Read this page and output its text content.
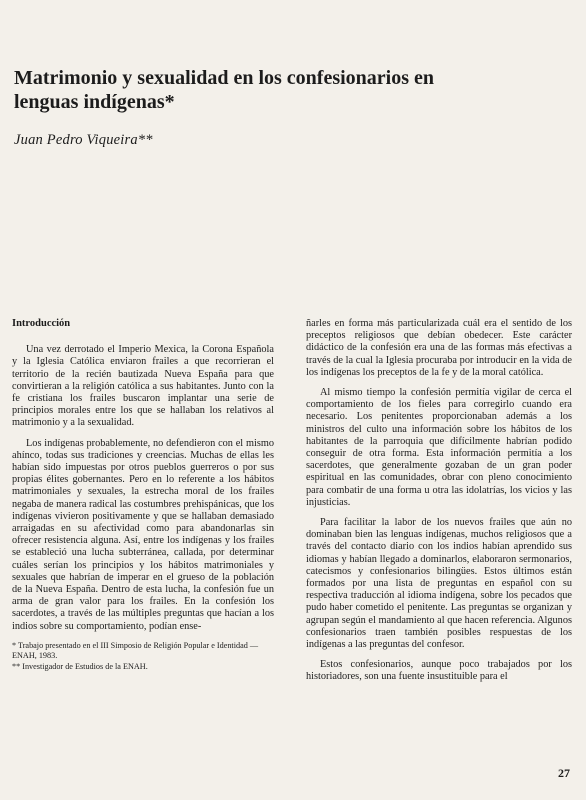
Matrimonio y sexualidad en los confesionarios en lenguas indígenas*

Juan Pedro Viqueira**

Introducción

Una vez derrotado el Imperio Mexica, la Corona Española y la Iglesia Católica enviaron frailes a que recorrieran el territorio de la recién bautizada Nueva España para que convirtieran a la religión católica a sus habitantes. Junto con la fe cristiana los frailes buscaron implantar una serie de principios morales entre los que se hallaban los relativos al matrimonio y a la sexualidad.

Los indígenas probablemente, no defendieron con el mismo ahínco, todas sus tradiciones y creencias. Muchas de ellas les habían sido impuestas por otros pueblos guerreros o por sus propias élites gobernantes. Pero en lo referente a los hábitos matrimoniales y sexuales, la estrecha moral de los frailes negaba de manera radical las costumbres prehispánicas, que los indígenas vivieron positivamente y que se hallaban demasiado arraigadas en su afectividad como para abandonarlas sin ofrecer resistencia alguna. Así, entre los indígenas y los frailes se estableció una lucha subterránea, callada, por determinar cuáles serían los principios y los hábitos matrimoniales y sexuales que habrían de imperar en el grueso de la población de la Nueva España. Dentro de esta lucha, la confesión fue un arma de gran valor para los frailes. En la confesión los sacerdotes, a través de las múltiples preguntas que hacían a los indios sobre su comportamiento, podían ense-

ñarles en forma más particularizada cuál era el sentido de los preceptos religiosos que debían obedecer. Este carácter didáctico de la confesión era una de las formas más efectivas a través de la cual la Iglesia procuraba por introducir en la vida de los indígenas los preceptos de la fe y de la moral católica.

Al mismo tiempo la confesión permitía vigilar de cerca el comportamiento de los fieles para corregirlo cuando era necesario. Los penitentes proporcionaban además a los ministros del culto una información sobre los hábitos de los habitantes de la parroquia que difícilmente habrían podido conseguir de otra forma. Esta información permitía a los sacerdotes, que generalmente gozaban de un gran poder espiritual en las comunidades, obrar con pleno conocimiento para combatir de una forma u otra las idolatrías, los vicios y las injusticias.

Para facilitar la labor de los nuevos frailes que aún no dominaban bien las lenguas indígenas, muchos religiosos que a través del contacto diario con los indios habían aprendido sus idiomas y habían llegado a dominarlos, elaboraron sermonarios, catecismos y confesionarios bilingües. Estos últimos están formados por una lista de preguntas en español con su respectiva traducción al idioma indígena, sobre los pecados que pudo haber cometido el penitente. Las preguntas se organizan y agrupan según el mandamiento al que hacen referencia. Algunos confesionarios traen también posibles respuestas de los indígenas a las preguntas del confesor.

Estos confesionarios, aunque poco trabajados por los historiadores, son una fuente insustituible para el

* Trabajo presentado en el III Simposio de Religión Popular e Identidad — ENAH, 1983.
** Investigador de Estudios de la ENAH.
27
